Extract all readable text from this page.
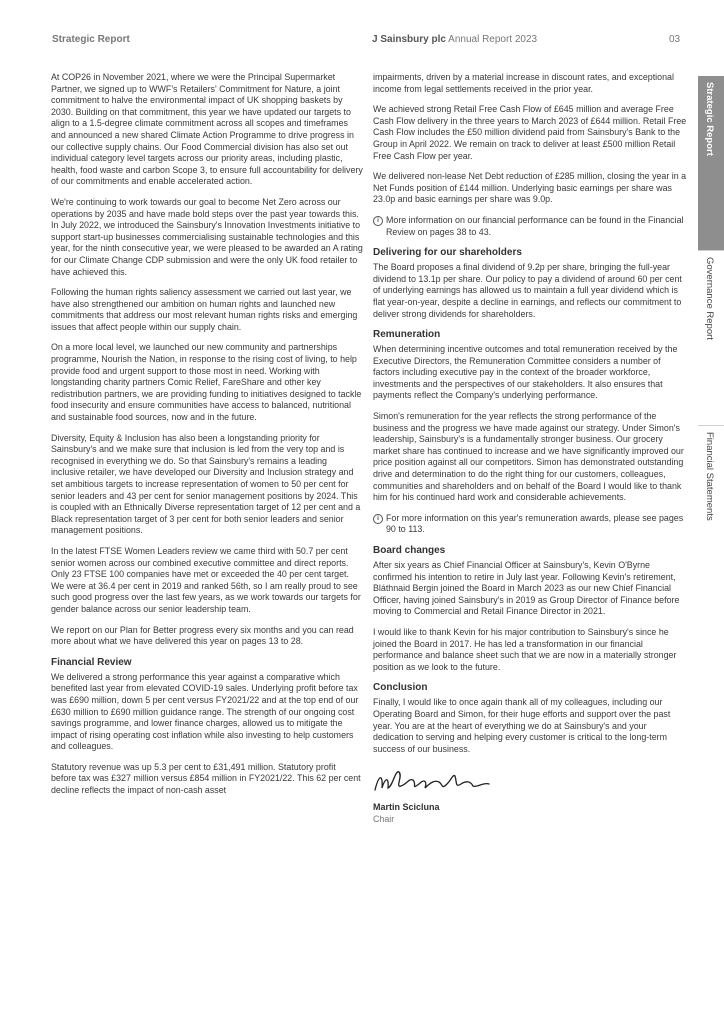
Strategic Report	J Sainsbury plc Annual Report 2023	03

At COP26 in November 2021, where we were the Principal Supermarket Partner, we signed up to WWF's Retailers' Commitment for Nature, a joint commitment to halve the environmental impact of UK shopping baskets by 2030. Building on that commitment, this year we have updated our targets to align to a 1.5-degree climate commitment across all scopes and timeframes and announced a new shared Climate Action Programme to drive progress in our collective supply chains. Our Food Commercial division has also set out individual category level targets across our priority areas, including plastic, health, food waste and carbon Scope 3, to ensure full accountability for delivery of our commitments and enable accelerated action.

We're continuing to work towards our goal to become Net Zero across our operations by 2035 and have made bold steps over the past year towards this. In July 2022, we introduced the Sainsbury's Innovation Investments initiative to support start-up businesses commercialising sustainable technologies and this year, for the ninth consecutive year, we were pleased to be awarded an A rating for our Climate Change CDP submission and were the only UK food retailer to have achieved this.

Following the human rights saliency assessment we carried out last year, we have also strengthened our ambition on human rights and launched new commitments that address our most relevant human rights risks and emerging issues that affect people within our supply chain.

On a more local level, we launched our new community and partnerships programme, Nourish the Nation, in response to the rising cost of living, to help provide food and urgent support to those most in need. Working with longstanding charity partners Comic Relief, FareShare and other key redistribution partners, we are providing funding to initiatives designed to tackle food insecurity and ensure communities have access to balanced, nutritional and sustainable food sources, now and in the future.

Diversity, Equity & Inclusion has also been a longstanding priority for Sainsbury's and we make sure that inclusion is led from the very top and is recognised in everything we do. So that Sainsbury's remains a leading inclusive retailer, we have developed our Diversity and Inclusion strategy and set ambitious targets to increase representation of women to 50 per cent for senior leaders and 43 per cent for senior management positions by 2024. This is coupled with an Ethnically Diverse representation target of 12 per cent and a Black representation target of 3 per cent for both senior leaders and senior management positions.

In the latest FTSE Women Leaders review we came third with 50.7 per cent senior women across our combined executive committee and direct reports. Only 23 FTSE 100 companies have met or exceeded the 40 per cent target. We were at 36.4 per cent in 2019 and ranked 56th, so I am really proud to see such good progress over the last few years, as we work towards our targets for gender balance across our senior leadership team.

We report on our Plan for Better progress every six months and you can read more about what we have delivered this year on pages 13 to 28.

Financial Review

We delivered a strong performance this year against a comparative which benefited last year from elevated COVID-19 sales. Underlying profit before tax was £690 million, down 5 per cent versus FY2021/22 and at the top end of our £630 million to £690 million guidance range. The strength of our ongoing cost savings programme, and lower finance charges, allowed us to mitigate the impact of rising operating cost inflation while also investing to help customers and colleagues.

Statutory revenue was up 5.3 per cent to £31,491 million. Statutory profit before tax was £327 million versus £854 million in FY2021/22. This 62 per cent decline reflects the impact of non-cash asset

impairments, driven by a material increase in discount rates, and exceptional income from legal settlements received in the prior year.

We achieved strong Retail Free Cash Flow of £645 million and average Free Cash Flow delivery in the three years to March 2023 of £644 million. Retail Free Cash Flow includes the £50 million dividend paid from Sainsbury's Bank to the Group in April 2022. We remain on track to deliver at least £500 million Retail Free Cash Flow per year.

We delivered non-lease Net Debt reduction of £285 million, closing the year in a Net Funds position of £144 million. Underlying basic earnings per share was 23.0p and basic earnings per share was 9.0p.

i More information on our financial performance can be found in the Financial Review on pages 38 to 43.

Delivering for our shareholders

The Board proposes a final dividend of 9.2p per share, bringing the full-year dividend to 13.1p per share. Our policy to pay a dividend of around 60 per cent of underlying earnings has allowed us to maintain a full year dividend which is flat year-on-year, despite a decline in earnings, and reflects our commitment to deliver strong dividends for shareholders.

Remuneration

When determining incentive outcomes and total remuneration received by the Executive Directors, the Remuneration Committee considers a number of factors including executive pay in the context of the broader workforce, investments and the perspectives of our stakeholders. It also ensures that payments reflect the Company's underlying performance.

Simon's remuneration for the year reflects the strong performance of the business and the progress we have made against our strategy. Under Simon's leadership, Sainsbury's is a fundamentally stronger business. Our grocery market share has continued to increase and we have significantly improved our price position against all our competitors. Simon has demonstrated outstanding drive and determination to do the right thing for our customers, colleagues, communities and shareholders and on behalf of the Board I would like to thank him for his continued hard work and considerable achievements.

i For more information on this year's remuneration awards, please see pages 90 to 113.

Board changes

After six years as Chief Financial Officer at Sainsbury's, Kevin O'Byrne confirmed his intention to retire in July last year. Following Kevin's retirement, Bláthnaid Bergin joined the Board in March 2023 as our new Chief Financial Officer, having joined Sainsbury's in 2019 as Group Director of Finance before moving to Commercial and Retail Finance Director in 2021.

I would like to thank Kevin for his major contribution to Sainsbury's since he joined the Board in 2017. He has led a transformation in our financial performance and balance sheet such that we are now in a materially stronger position as we look to the future.

Conclusion

Finally, I would like to once again thank all of my colleagues, including our Operating Board and Simon, for their huge efforts and support over the past year. You are at the heart of everything we do at Sainsbury's and your dedication to serving and helping every customer is critical to the long-term success of our business.

Martin Scicluna
Chair
Strategic Report
Governance Report
Financial Statements
